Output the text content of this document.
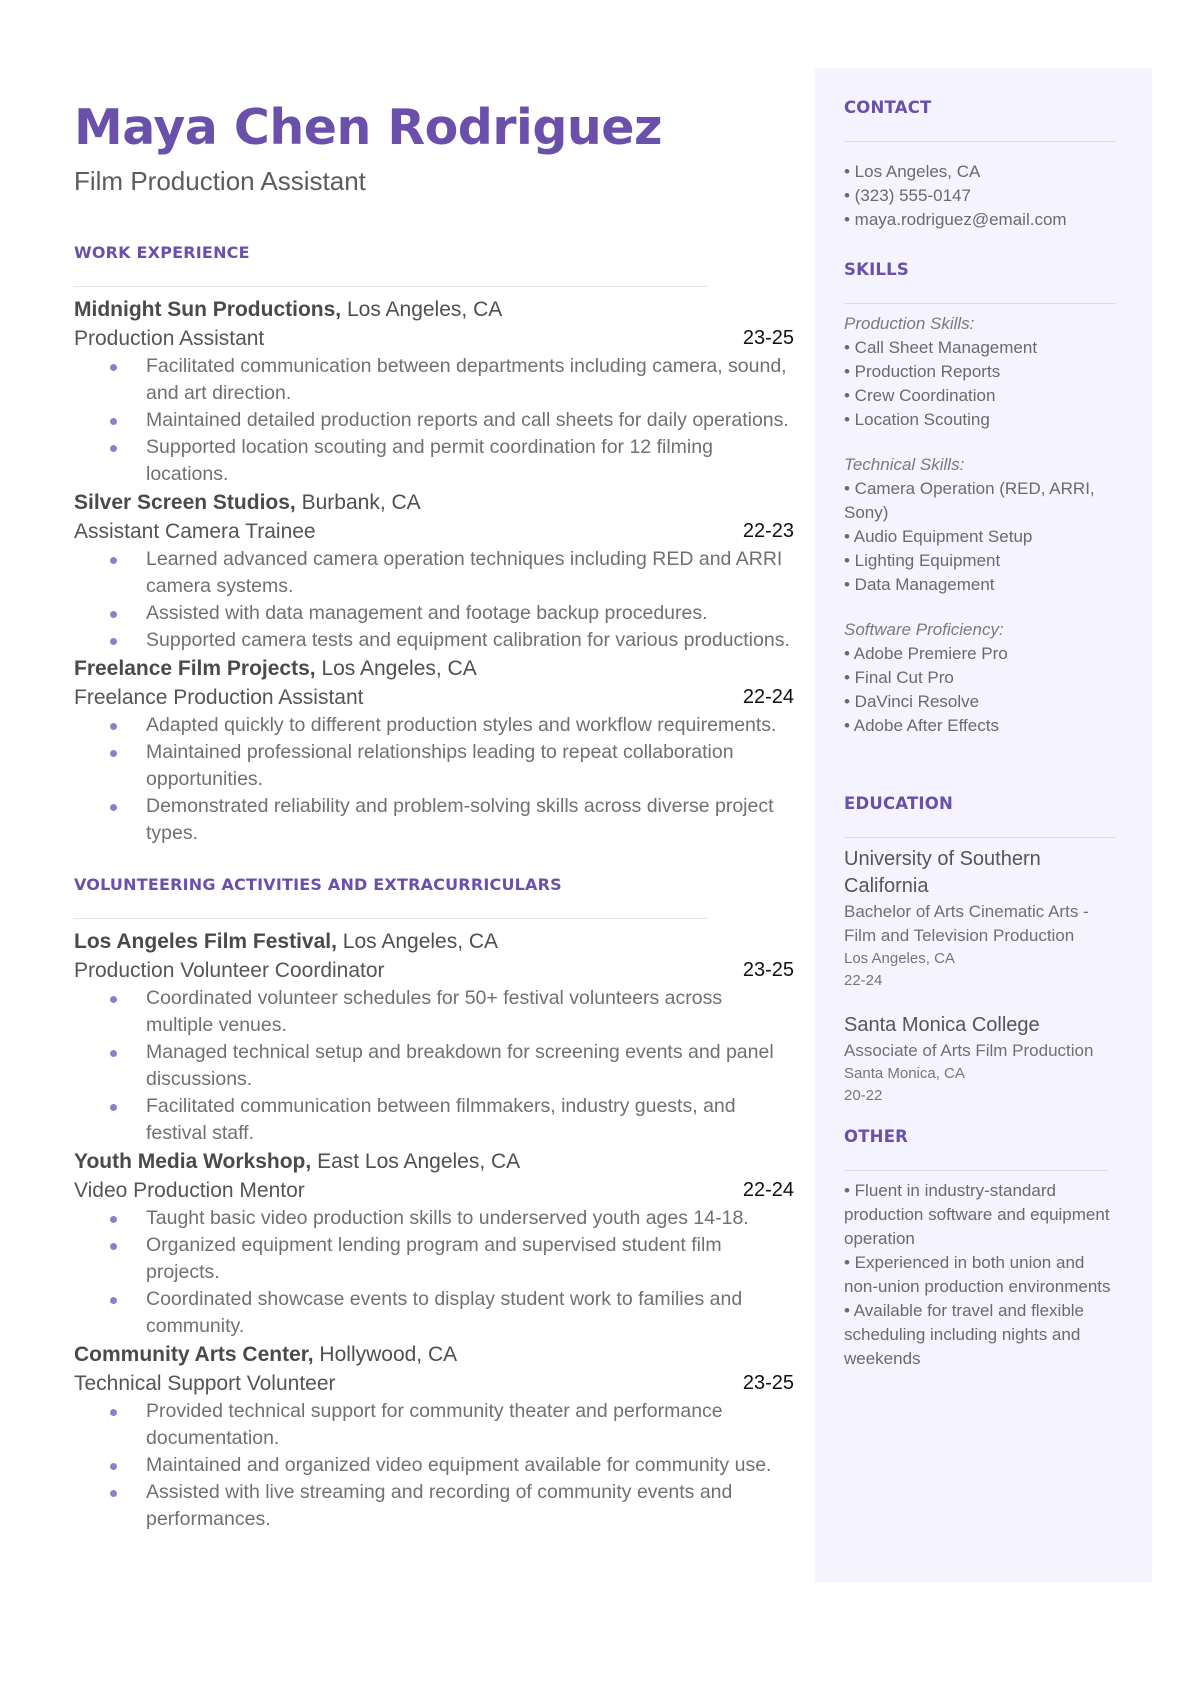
Maya Chen Rodriguez
Film Production Assistant
WORK EXPERIENCE
Midnight Sun Productions, Los Angeles, CA
Production Assistant	23-25
Facilitated communication between departments including camera, sound, and art direction.
Maintained detailed production reports and call sheets for daily operations.
Supported location scouting and permit coordination for 12 filming locations.
Silver Screen Studios, Burbank, CA
Assistant Camera Trainee	22-23
Learned advanced camera operation techniques including RED and ARRI camera systems.
Assisted with data management and footage backup procedures.
Supported camera tests and equipment calibration for various productions.
Freelance Film Projects, Los Angeles, CA
Freelance Production Assistant	22-24
Adapted quickly to different production styles and workflow requirements.
Maintained professional relationships leading to repeat collaboration opportunities.
Demonstrated reliability and problem-solving skills across diverse project types.
VOLUNTEERING ACTIVITIES AND EXTRACURRICULARS
Los Angeles Film Festival, Los Angeles, CA
Production Volunteer Coordinator	23-25
Coordinated volunteer schedules for 50+ festival volunteers across multiple venues.
Managed technical setup and breakdown for screening events and panel discussions.
Facilitated communication between filmmakers, industry guests, and festival staff.
Youth Media Workshop, East Los Angeles, CA
Video Production Mentor	22-24
Taught basic video production skills to underserved youth ages 14-18.
Organized equipment lending program and supervised student film projects.
Coordinated showcase events to display student work to families and community.
Community Arts Center, Hollywood, CA
Technical Support Volunteer	23-25
Provided technical support for community theater and performance documentation.
Maintained and organized video equipment available for community use.
Assisted with live streaming and recording of community events and performances.
CONTACT
• Los Angeles, CA
• (323) 555-0147
• maya.rodriguez@email.com
SKILLS
Production Skills:
• Call Sheet Management
• Production Reports
• Crew Coordination
• Location Scouting
Technical Skills:
• Camera Operation (RED, ARRI, Sony)
• Audio Equipment Setup
• Lighting Equipment
• Data Management
Software Proficiency:
• Adobe Premiere Pro
• Final Cut Pro
• DaVinci Resolve
• Adobe After Effects
EDUCATION
University of Southern California
Bachelor of Arts Cinematic Arts - Film and Television Production
Los Angeles, CA
22-24
Santa Monica College
Associate of Arts Film Production
Santa Monica, CA
20-22
OTHER
• Fluent in industry-standard production software and equipment operation
• Experienced in both union and non-union production environments
• Available for travel and flexible scheduling including nights and weekends
